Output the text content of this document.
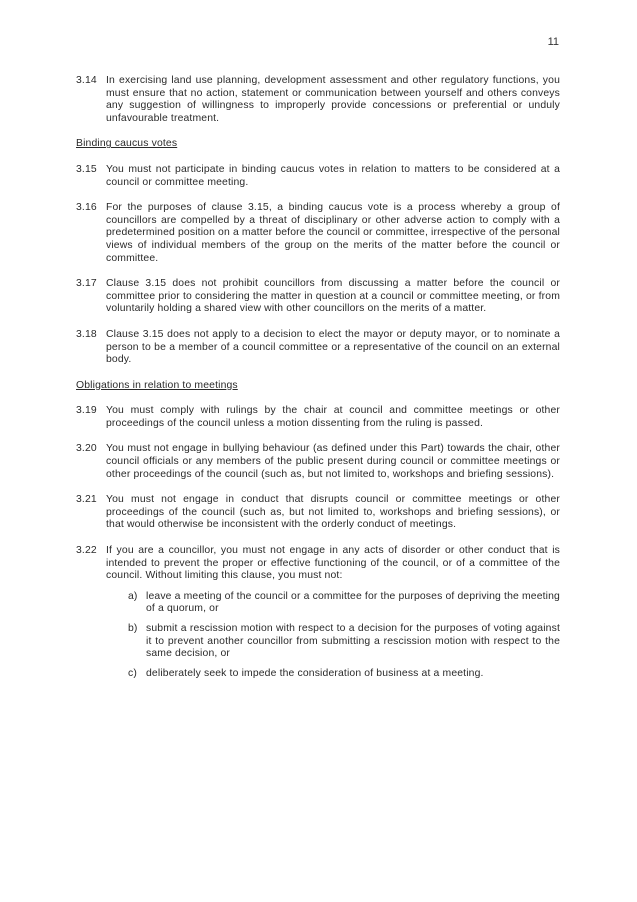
11
3.14 In exercising land use planning, development assessment and other regulatory functions, you must ensure that no action, statement or communication between yourself and others conveys any suggestion of willingness to improperly provide concessions or preferential or unduly unfavourable treatment.
Binding caucus votes
3.15 You must not participate in binding caucus votes in relation to matters to be considered at a council or committee meeting.
3.16 For the purposes of clause 3.15, a binding caucus vote is a process whereby a group of councillors are compelled by a threat of disciplinary or other adverse action to comply with a predetermined position on a matter before the council or committee, irrespective of the personal views of individual members of the group on the merits of the matter before the council or committee.
3.17 Clause 3.15 does not prohibit councillors from discussing a matter before the council or committee prior to considering the matter in question at a council or committee meeting, or from voluntarily holding a shared view with other councillors on the merits of a matter.
3.18 Clause 3.15 does not apply to a decision to elect the mayor or deputy mayor, or to nominate a person to be a member of a council committee or a representative of the council on an external body.
Obligations in relation to meetings
3.19 You must comply with rulings by the chair at council and committee meetings or other proceedings of the council unless a motion dissenting from the ruling is passed.
3.20 You must not engage in bullying behaviour (as defined under this Part) towards the chair, other council officials or any members of the public present during council or committee meetings or other proceedings of the council (such as, but not limited to, workshops and briefing sessions).
3.21 You must not engage in conduct that disrupts council or committee meetings or other proceedings of the council (such as, but not limited to, workshops and briefing sessions), or that would otherwise be inconsistent with the orderly conduct of meetings.
3.22 If you are a councillor, you must not engage in any acts of disorder or other conduct that is intended to prevent the proper or effective functioning of the council, or of a committee of the council. Without limiting this clause, you must not:
a) leave a meeting of the council or a committee for the purposes of depriving the meeting of a quorum, or
b) submit a rescission motion with respect to a decision for the purposes of voting against it to prevent another councillor from submitting a rescission motion with respect to the same decision, or
c) deliberately seek to impede the consideration of business at a meeting.
